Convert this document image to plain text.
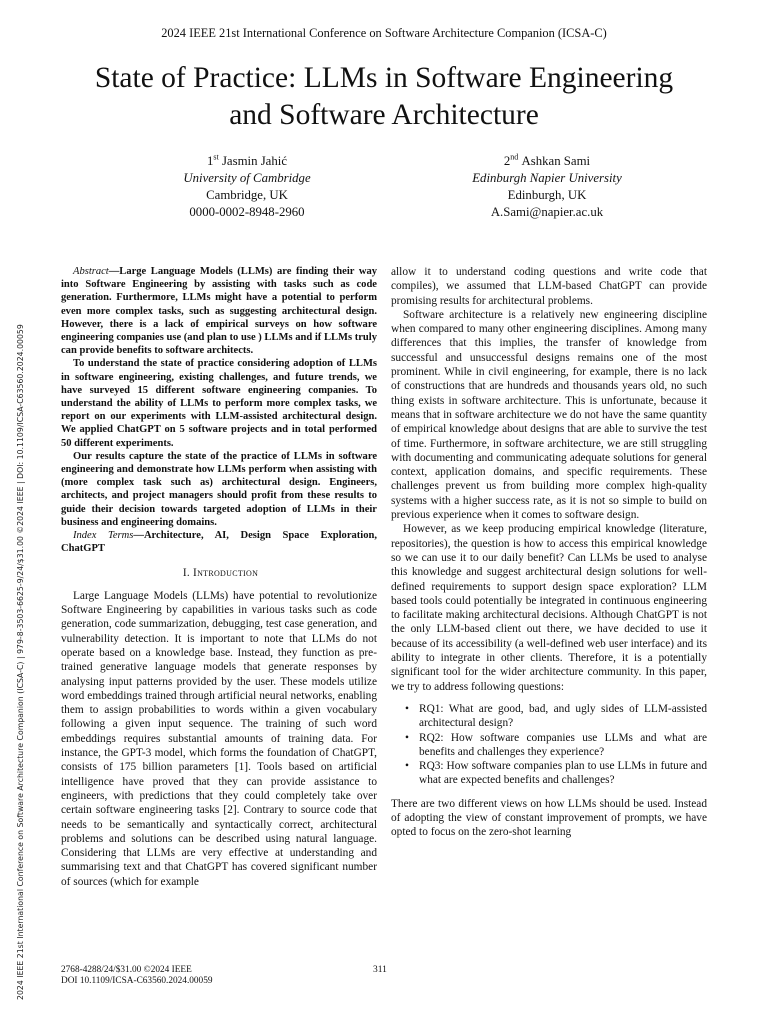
2024 IEEE 21st International Conference on Software Architecture Companion (ICSA-C)
State of Practice: LLMs in Software Engineering
and Software Architecture
1st Jasmin Jahić
University of Cambridge
Cambridge, UK
0000-0002-8948-2960
2nd Ashkan Sami
Edinburgh Napier University
Edinburgh, UK
A.Sami@napier.ac.uk
2024 IEEE 21st International Conference on Software Architecture Companion (ICSA-C) | 979-8-3503-6625-9/24/$31.00 ©2024 IEEE | DOI: 10.1109/ICSA-C63560.2024.00059

Abstract—Large Language Models (LLMs) are finding their way into Software Engineering by assisting with tasks such as code generation. Furthermore, LLMs might have a potential to perform even more complex tasks, such as suggesting architectural design. However, there is a lack of empirical surveys on how software engineering companies use (and plan to use ) LLMs and if LLMs truly can provide benefits to software architects.

To understand the state of practice considering adoption of LLMs in software engineering, existing challenges, and future trends, we have surveyed 15 different software engineering companies. To understand the ability of LLMs to perform more complex tasks, we report on our experiments with LLM-assisted architectural design. We applied ChatGPT on 5 software projects and in total performed 50 different experiments.

Our results capture the state of the practice of LLMs in software engineering and demonstrate how LLMs perform when assisting with (more complex task such as) architectural design. Engineers, architects, and project managers should profit from these results to guide their decision towards targeted adoption of LLMs in their business and engineering domains.

Index Terms—Architecture, AI, Design Space Exploration, ChatGPT

I. Introduction

Large Language Models (LLMs) have potential to revolutionize Software Engineering by capabilities in various tasks such as code generation, code summarization, debugging, test case generation, and vulnerability detection. It is important to note that LLMs do not operate based on a knowledge base. Instead, they function as pre-trained generative language models that generate responses by analysing input patterns provided by the user. These models utilize word embeddings trained through artificial neural networks, enabling them to assign probabilities to words within a given vocabulary following a given input sequence. The training of such word embeddings requires substantial amounts of training data. For instance, the GPT-3 model, which forms the foundation of ChatGPT, consists of 175 billion parameters [1]. Tools based on artificial intelligence have proved that they can provide assistance to engineers, with predictions that they could completely take over certain software engineering tasks [2]. Contrary to source code that needs to be semantically and syntactically correct, architectural problems and solutions can be described using natural language. Considering that LLMs are very effective at understanding and summarising text and that ChatGPT has covered significant number of sources (which for example

allow it to understand coding questions and write code that compiles), we assumed that LLM-based ChatGPT can provide promising results for architectural problems.

Software architecture is a relatively new engineering discipline when compared to many other engineering disciplines. Among many differences that this implies, the transfer of knowledge from successful and unsuccessful designs remains one of the most prominent. While in civil engineering, for example, there is no lack of constructions that are hundreds and thousands years old, no such thing exists in software architecture. This is unfortunate, because it means that in software architecture we do not have the same quantity of empirical knowledge about designs that are able to survive the test of time. Furthermore, in software architecture, we are still struggling with documenting and communicating adequate solutions for general context, application domains, and specific requirements. These challenges prevent us from building more complex high-quality systems with a higher success rate, as it is not so simple to build on previous experience when it comes to software design.

However, as we keep producing empirical knowledge (literature, repositories), the question is how to access this empirical knowledge so we can use it to our daily benefit? Can LLMs be used to analyse this knowledge and suggest architectural design solutions for well-defined requirements to support design space exploration? LLM based tools could potentially be integrated in continuous engineering to facilitate making architectural decisions. Although ChatGPT is not the only LLM-based client out there, we have decided to use it because of its accessibility (a well-defined web user interface) and its ability to integrate in other clients. Therefore, it is a potentially significant tool for the wider architecture community. In this paper, we try to address following questions:

• RQ1: What are good, bad, and ugly sides of LLM-assisted architectural design?
• RQ2: How software companies use LLMs and what are benefits and challenges they experience?
• RQ3: How software companies plan to use LLMs in future and what are expected benefits and challenges?

There are two different views on how LLMs should be used. Instead of adopting the view of constant improvement of prompts, we have opted to focus on the zero-shot learning

2768-4288/24/$31.00 ©2024 IEEE
DOI 10.1109/ICSA-C63560.2024.00059
311
